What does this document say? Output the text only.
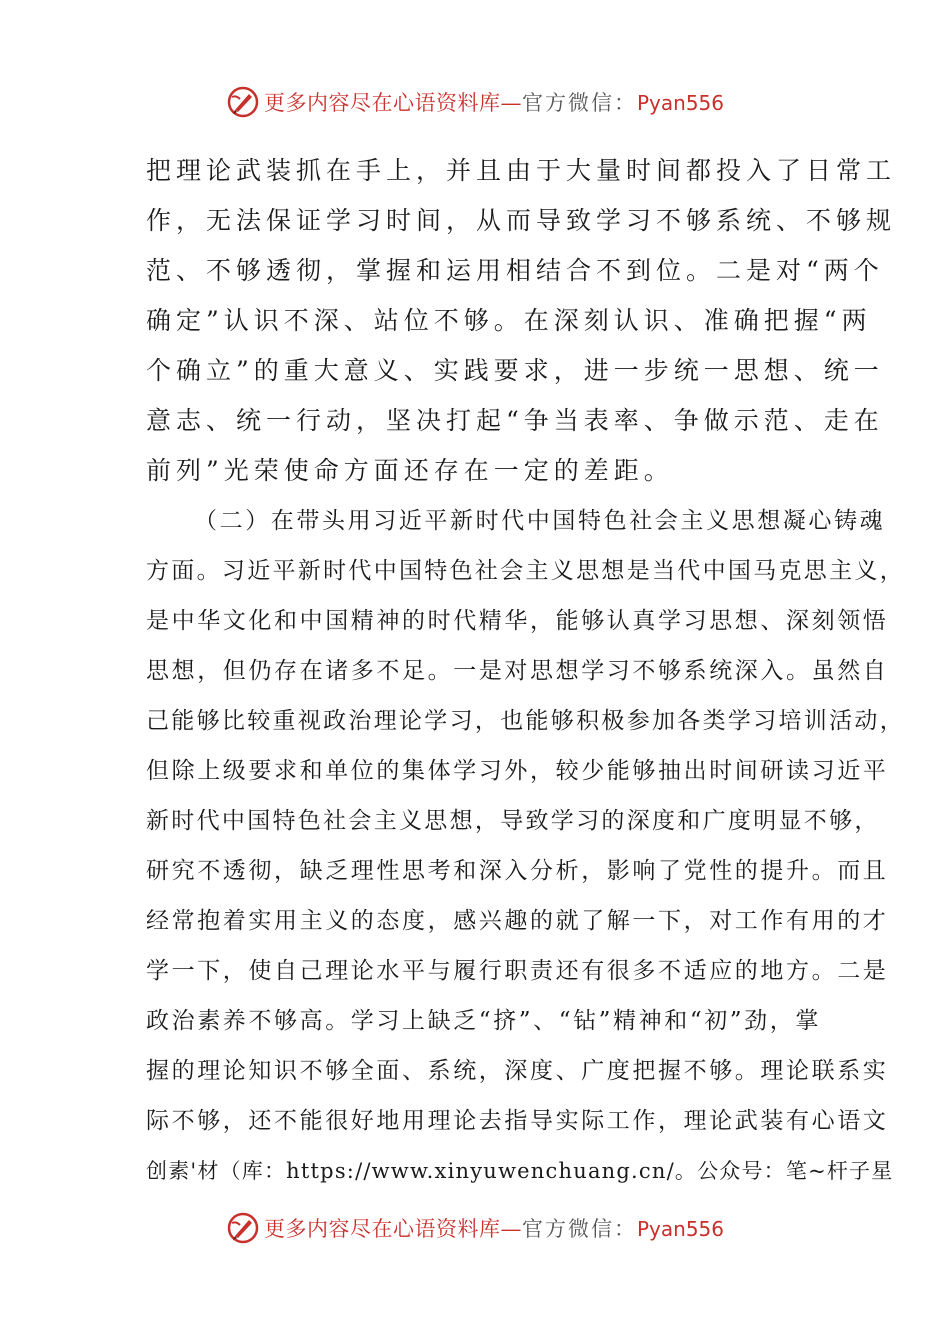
更多内容尽在心语资料库—官方微信：Pyan556
把理论武装抓在手上，并且由于大量时间都投入了日常工
作，无法保证学习时间，从而导致学习不够系统、不够规
范、不够透彻，掌握和运用相结合不到位。二是对“两个
确定”认识不深、站位不够。在深刻认识、准确把握“两
个确立”的重大意义、实践要求，进一步统一思想、统一
意志、统一行动，坚决打起“争当表率、争做示范、走在
前列”光荣使命方面还存在一定的差距。
（二）在带头用习近平新时代中国特色社会主义思想凝心铸魂
方面。习近平新时代中国特色社会主义思想是当代中国马克思主义，
是中华文化和中国精神的时代精华，能够认真学习思想、深刻领悟
思想，但仍存在诸多不足。一是对思想学习不够系统深入。虽然自
己能够比较重视政治理论学习，也能够积极参加各类学习培训活动，
但除上级要求和单位的集体学习外，较少能够抽出时间研读习近平
新时代中国特色社会主义思想，导致学习的深度和广度明显不够，
研究不透彻，缺乏理性思考和深入分析，影响了党性的提升。而且
经常抱着实用主义的态度，感兴趣的就了解一下，对工作有用的才
学一下，使自己理论水平与履行职责还有很多不适应的地方。二是
政治素养不够高。学习上缺乏“挤”、“钻”精神和“初”劲，掌
握的理论知识不够全面、系统，深度、广度把握不够。理论联系实
际不够，还不能很好地用理论去指导实际工作，理论武装有心语文
创素'材（库：https://www.xinyuwenchuang.cn/。公众号：笔~杆子星
更多内容尽在心语资料库—官方微信：Pyan556
